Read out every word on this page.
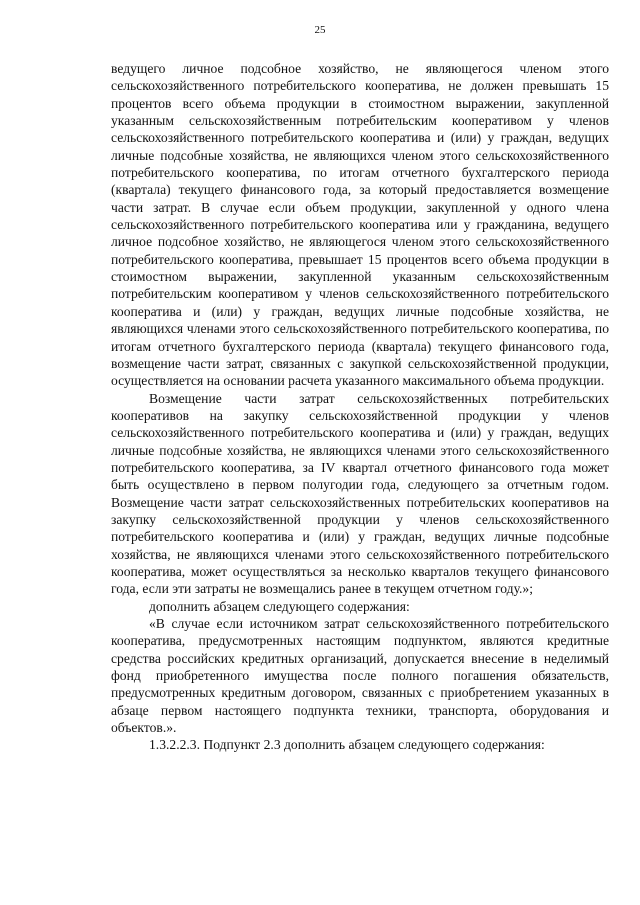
25

ведущего личное подсобное хозяйство, не являющегося членом этого сельскохозяйственного потребительского кооператива, не должен превышать 15 процентов всего объема продукции в стоимостном выражении, закупленной указанным сельскохозяйственным потребительским кооперативом у членов сельскохозяйственного потребительского кооператива и (или) у граждан, ведущих личные подсобные хозяйства, не являющихся членом этого сельскохозяйственного потребительского кооператива, по итогам отчетного бухгалтерского периода (квартала) текущего финансового года, за который предоставляется возмещение части затрат. В случае если объем продукции, закупленной у одного члена сельскохозяйственного потребительского кооператива или у гражданина, ведущего личное подсобное хозяйство, не являющегося членом этого сельскохозяйственного потребительского кооператива, превышает 15 процентов всего объема продукции в стоимостном выражении, закупленной указанным сельскохозяйственным потребительским кооперативом у членов сельскохозяйственного потребительского кооператива и (или) у граждан, ведущих личные подсобные хозяйства, не являющихся членами этого сельскохозяйственного потребительского кооператива, по итогам отчетного бухгалтерского периода (квартала) текущего финансового года, возмещение части затрат, связанных с закупкой сельскохозяйственной продукции, осуществляется на основании расчета указанного максимального объема продукции.

Возмещение части затрат сельскохозяйственных потребительских кооперативов на закупку сельскохозяйственной продукции у членов сельскохозяйственного потребительского кооператива и (или) у граждан, ведущих личные подсобные хозяйства, не являющихся членами этого сельскохозяйственного потребительского кооператива, за IV квартал отчетного финансового года может быть осуществлено в первом полугодии года, следующего за отчетным годом. Возмещение части затрат сельскохозяйственных потребительских кооперативов на закупку сельскохозяйственной продукции у членов сельскохозяйственного потребительского кооператива и (или) у граждан, ведущих личные подсобные хозяйства, не являющихся членами этого сельскохозяйственного потребительского кооператива, может осуществляться за несколько кварталов текущего финансового года, если эти затраты не возмещались ранее в текущем отчетном году.»;

дополнить абзацем следующего содержания:

«В случае если источником затрат сельскохозяйственного потребительского кооператива, предусмотренных настоящим подпунктом, являются кредитные средства российских кредитных организаций, допускается внесение в неделимый фонд приобретенного имущества после полного погашения обязательств, предусмотренных кредитным договором, связанных с приобретением указанных в абзаце первом настоящего подпункта техники, транспорта, оборудования и объектов.».

1.3.2.2.3. Подпункт 2.3 дополнить абзацем следующего содержания:
